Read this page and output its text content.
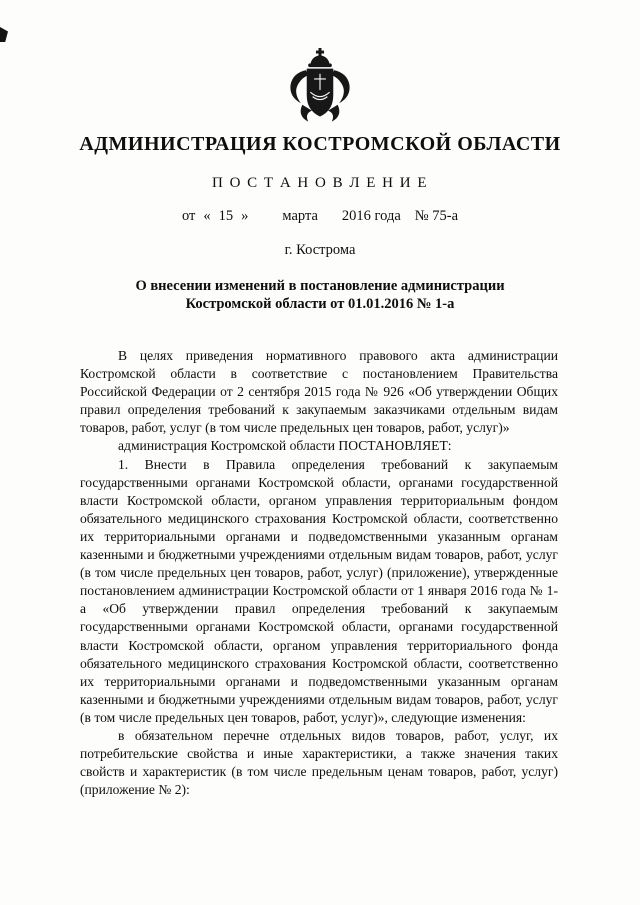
АДМИНИСТРАЦИЯ КОСТРОМСКОЙ ОБЛАСТИ
П О С Т А Н О В Л Е Н И Е
от « 15 » марта 2016 года № 75-а
г. Кострома
О внесении изменений в постановление администрации Костромской области от 01.01.2016 № 1-а

В целях приведения нормативного правового акта администрации Костромской области в соответствие с постановлением Правительства Российской Федерации от 2 сентября 2015 года № 926 «Об утверждении Общих правил определения требований к закупаемым заказчиками отдельным видам товаров, работ, услуг (в том числе предельных цен товаров, работ, услуг)»

администрация Костромской области ПОСТАНОВЛЯЕТ:

1. Внести в Правила определения требований к закупаемым государственными органами Костромской области, органами государственной власти Костромской области, органом управления территориальным фондом обязательного медицинского страхования Костромской области, соответственно их территориальными органами и подведомственными указанным органам казенными и бюджетными учреждениями отдельным видам товаров, работ, услуг (в том числе предельных цен товаров, работ, услуг) (приложение), утвержденные постановлением администрации Костромской области от 1 января 2016 года № 1-а «Об утверждении правил определения требований к закупаемым государственными органами Костромской области, органами государственной власти Костромской области, органом управления территориального фонда обязательного медицинского страхования Костромской области, соответственно их территориальными органами и подведомственными указанным органам казенными и бюджетными учреждениями отдельным видам товаров, работ, услуг (в том числе предельных цен товаров, работ, услуг)», следующие изменения:

в обязательном перечне отдельных видов товаров, работ, услуг, их потребительские свойства и иные характеристики, а также значения таких свойств и характеристик (в том числе предельным ценам товаров, работ, услуг) (приложение № 2):
